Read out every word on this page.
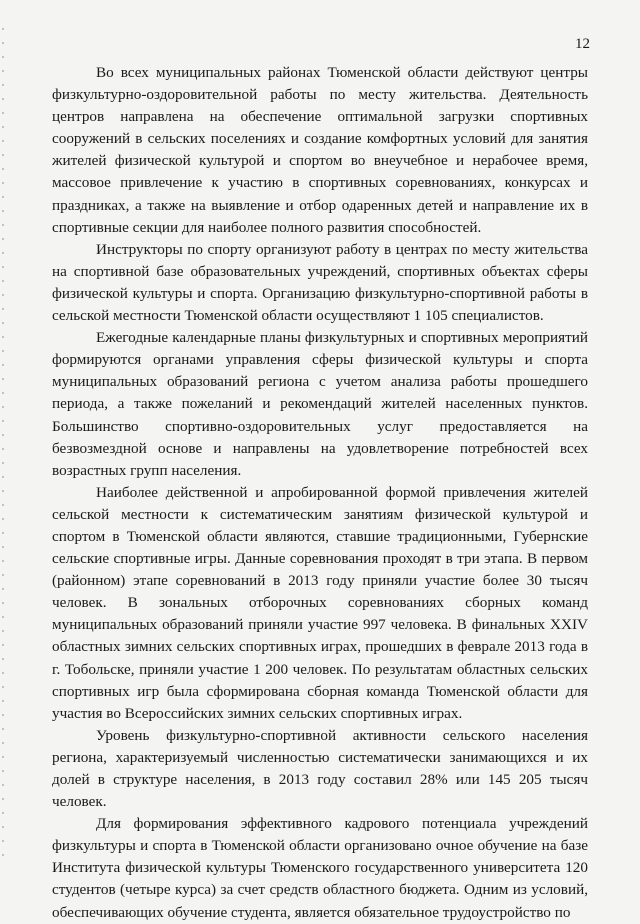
12

Во всех муниципальных районах Тюменской области действуют центры физкультурно-оздоровительной работы по месту жительства. Деятельность центров направлена на обеспечение оптимальной загрузки спортивных сооружений в сельских поселениях и создание комфортных условий для занятия жителей физической культурой и спортом во внеучебное и нерабочее время, массовое привлечение к участию в спортивных соревнованиях, конкурсах и праздниках, а также на выявление и отбор одаренных детей и направление их в спортивные секции для наиболее полного развития способностей.

Инструкторы по спорту организуют работу в центрах по месту жительства на спортивной базе образовательных учреждений, спортивных объектах сферы физической культуры и спорта. Организацию физкультурно-спортивной работы в сельской местности Тюменской области осуществляют 1 105 специалистов.

Ежегодные календарные планы физкультурных и спортивных мероприятий формируются органами управления сферы физической культуры и спорта муниципальных образований региона с учетом анализа работы прошедшего периода, а также пожеланий и рекомендаций жителей населенных пунктов. Большинство спортивно-оздоровительных услуг предоставляется на безвозмездной основе и направлены на удовлетворение потребностей всех возрастных групп населения.

Наиболее действенной и апробированной формой привлечения жителей сельской местности к систематическим занятиям физической культурой и спортом в Тюменской области являются, ставшие традиционными, Губернские сельские спортивные игры. Данные соревнования проходят в три этапа. В первом (районном) этапе соревнований в 2013 году приняли участие более 30 тысяч человек. В зональных отборочных соревнованиях сборных команд муниципальных образований приняли участие 997 человека. В финальных XXIV областных зимних сельских спортивных играх, прошедших в феврале 2013 года в г. Тобольске, приняли участие 1 200 человек. По результатам областных сельских спортивных игр была сформирована сборная команда Тюменской области для участия во Всероссийских зимних сельских спортивных играх.

Уровень физкультурно-спортивной активности сельского населения региона, характеризуемый численностью систематически занимающихся и их долей в структуре населения, в 2013 году составил 28% или 145 205 тысяч человек.

Для формирования эффективного кадрового потенциала учреждений физкультуры и спорта в Тюменской области организовано очное обучение на базе Института физической культуры Тюменского государственного университета 120 студентов (четыре курса) за счет средств областного бюджета. Одним из условий, обеспечивающих обучение студента, является обязательное трудоустройство по
